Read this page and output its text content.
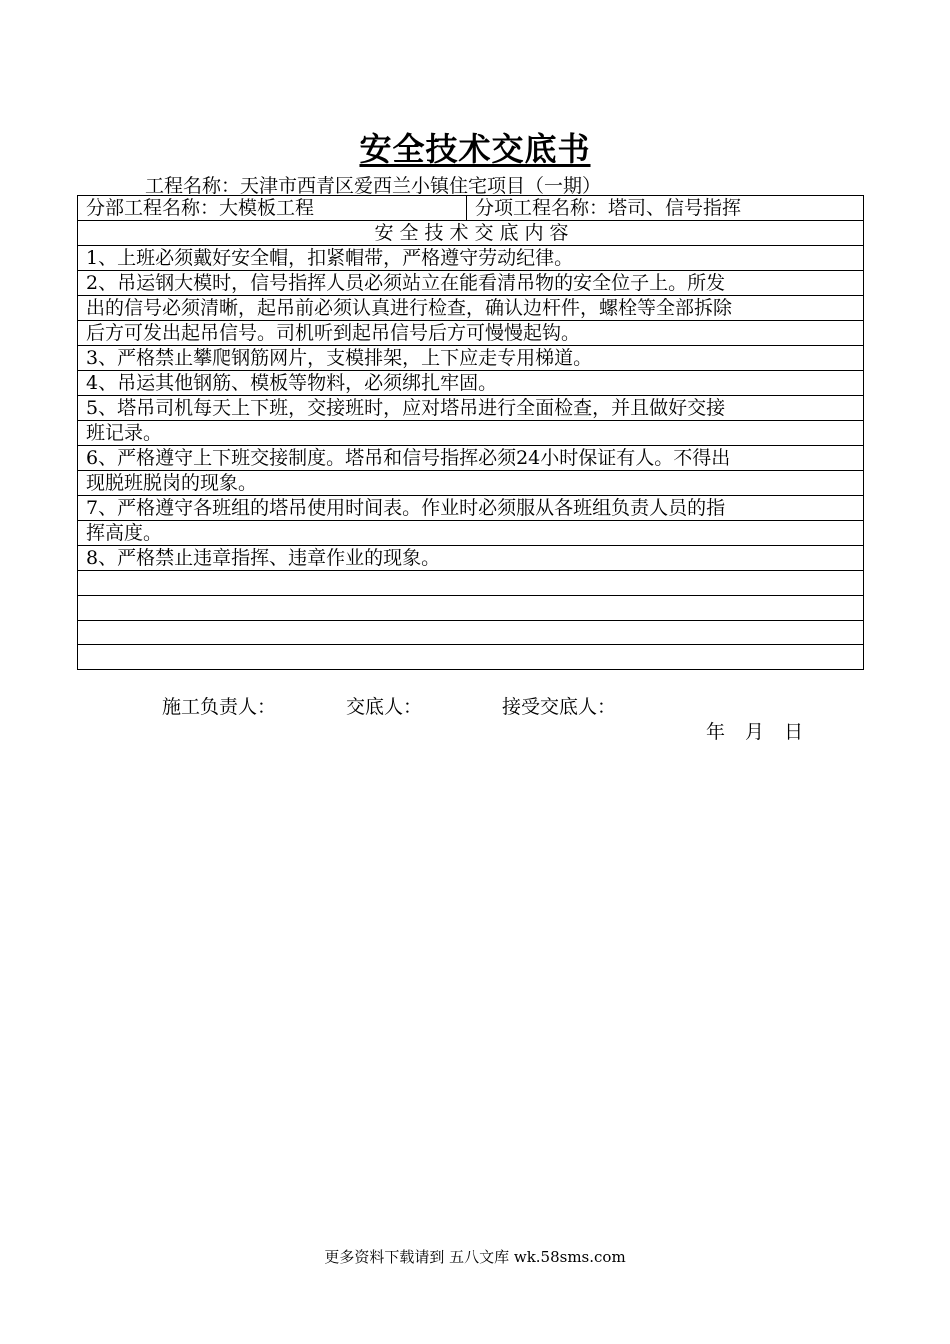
安全技术交底书
工程名称：天津市西青区爱西兰小镇住宅项目（一期）
分部工程名称：大模板工程	分项工程名称：塔司、信号指挥
安全技术交底内容
1、上班必须戴好安全帽，扣紧帽带，严格遵守劳动纪律。
2、吊运钢大模时，信号指挥人员必须站立在能看清吊物的安全位子上。所发
出的信号必须清晰，起吊前必须认真进行检查，确认边杆件，螺栓等全部拆除
后方可发出起吊信号。司机听到起吊信号后方可慢慢起钩。
3、严格禁止攀爬钢筋网片，支模排架，上下应走专用梯道。
4、吊运其他钢筋、模板等物料，必须绑扎牢固。
5、塔吊司机每天上下班，交接班时，应对塔吊进行全面检查，并且做好交接
班记录。
6、严格遵守上下班交接制度。塔吊和信号指挥必须24小时保证有人。不得出
现脱班脱岗的现象。
7、严格遵守各班组的塔吊使用时间表。作业时必须服从各班组负责人员的指
挥高度。
8、严格禁止违章指挥、违章作业的现象。

施工负责人：	交底人：	接受交底人：
年 月 日
更多资料下载请到 五八文库 wk.58sms.com
